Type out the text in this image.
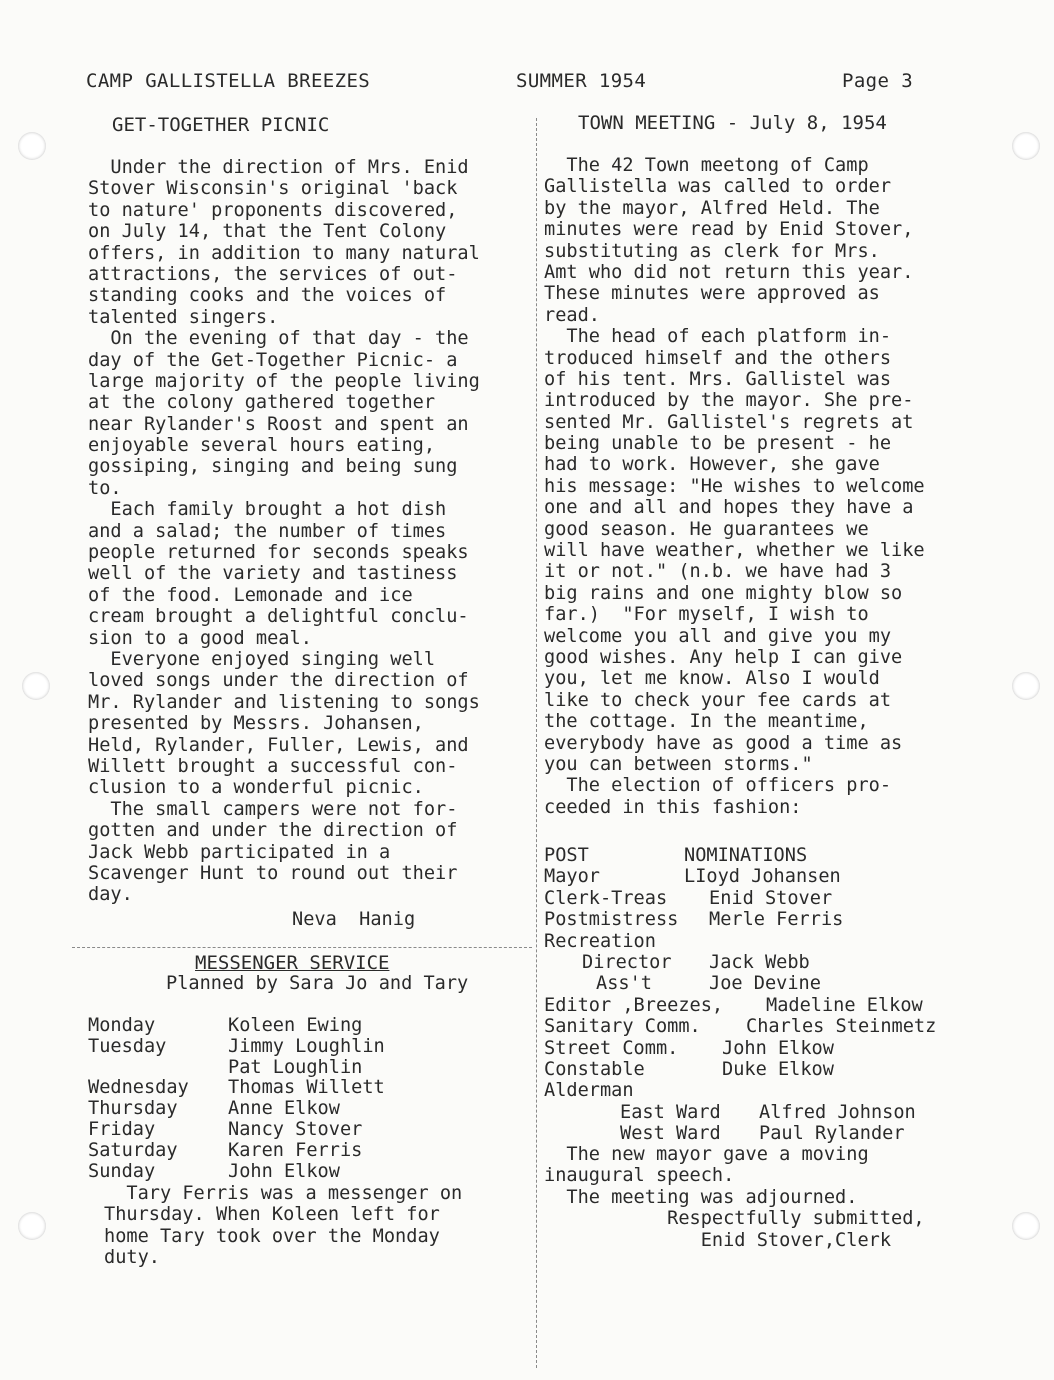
CAMP GALLISTELLA BREEZES	SUMMER 1954	Page 3
GET-TOGETHER PICNIC
Under the direction of Mrs. Enid
Stover Wisconsin's original 'back
to nature' proponents discovered,
on July 14, that the Tent Colony
offers, in addition to many natural
attractions, the services of out-
standing cooks and the voices of
talented singers.
On the evening of that day - the
day of the Get-Together Picnic- a
large majority of the people living
at the colony gathered together
near Rylander's Roost and spent an
enjoyable several hours eating,
gossiping, singing and being sung
to.
Each family brought a hot dish
and a salad; the number of times
people returned for seconds speaks
well of the variety and tastiness
of the food. Lemonade and ice
cream brought a delightful conclu-
sion to a good meal.
Everyone enjoyed singing well
loved songs under the direction of
Mr. Rylander and listening to songs
presented by Messrs. Johansen,
Held, Rylander, Fuller, Lewis, and
Willett brought a successful con-
clusion to a wonderful picnic.
The small campers were not for-
gotten and under the direction of
Jack Webb participated in a
Scavenger Hunt to round out their
day.
Neva  Hanig
MESSENGER SERVICE
Planned by Sara Jo and Tary
Monday	Koleen Ewing
Tuesday	Jimmy Loughlin
Pat Loughlin
Wednesday	Thomas Willett
Thursday	Anne Elkow
Friday	Nancy Stover
Saturday	Karen Ferris
Sunday	John Elkow
Tary Ferris was a messenger on
Thursday. When Koleen left for
home Tary took over the Monday
duty.
TOWN MEETING - July 8, 1954
The 42 Town meetong of Camp
Gallistella was called to order
by the mayor, Alfred Held. The
minutes were read by Enid Stover,
substituting as clerk for Mrs.
Amt who did not return this year.
These minutes were approved as
read.
The head of each platform in-
troduced himself and the others
of his tent. Mrs. Gallistel was
introduced by the mayor. She pre-
sented Mr. Gallistel's regrets at
being unable to be present - he
had to work. However, she gave
his message: "He wishes to welcome
one and all and hopes they have a
good season. He guarantees we
will have weather, whether we like
it or not." (n.b. we have had 3
big rains and one mighty blow so
far.)  "For myself, I wish to
welcome you all and give you my
good wishes. Any help I can give
you, let me know. Also I would
like to check your fee cards at
the cottage. In the meantime,
everybody have as good a time as
you can between storms."
The election of officers pro-
ceeded in this fashion:
POST	NOMINATIONS
Mayor	LIoyd Johansen
Clerk-Treas Enid Stover
Postmistress Merle Ferris
Recreation
Director Jack Webb
Ass't	Joe Devine
Editor ,Breezes, Madeline Elkow
Sanitary Comm. Charles Steinmetz
Street Comm. John Elkow
Constable	Duke Elkow
Alderman
East Ward Alfred Johnson
West Ward Paul Rylander
The new mayor gave a moving
inaugural speech.
The meeting was adjourned.
Respectfully submitted,
Enid Stover,Clerk
